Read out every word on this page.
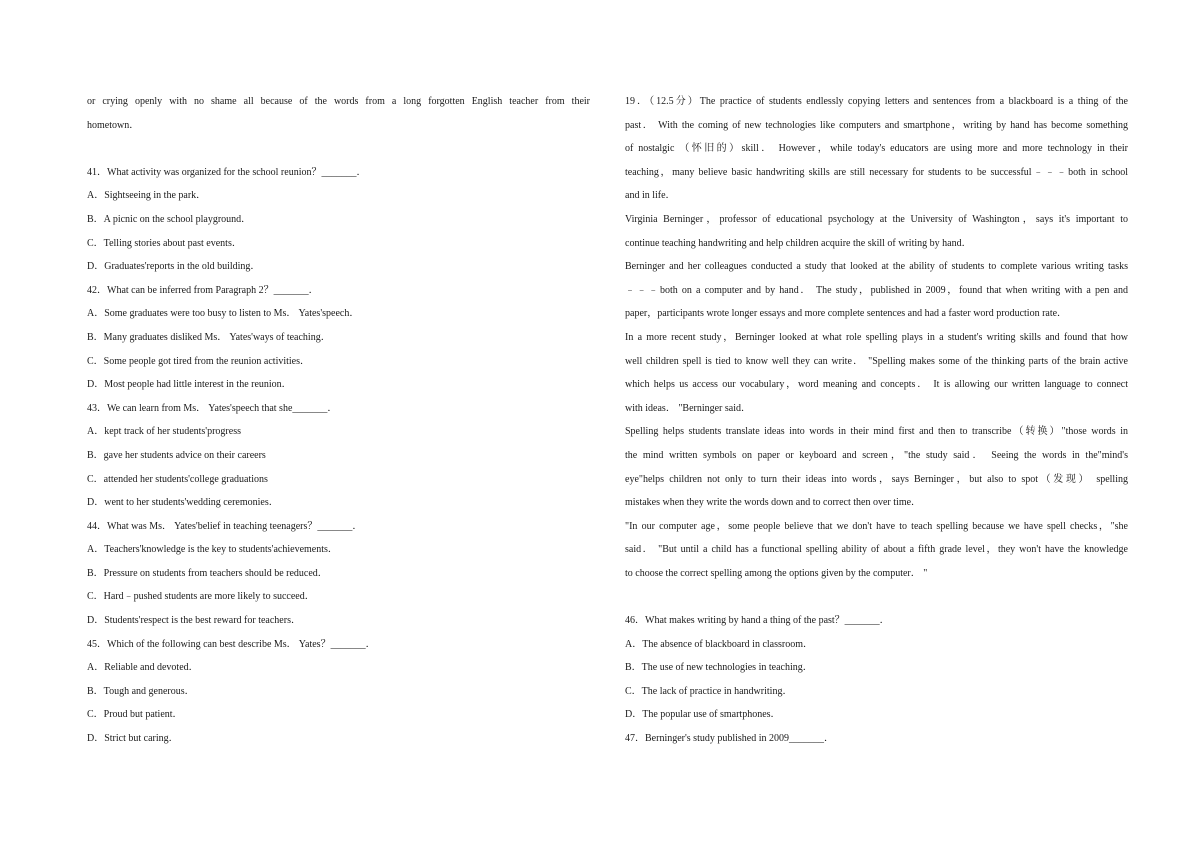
or crying openly with no shame all because of the words from a long forgotten English teacher from their
hometown．
41．What activity was organized for the school reunion？_______．
A．Sightseeing in the park．
B．A picnic on the school playground．
C．Telling stories about past events．
D．Graduates'reports in the old building．
42．What can be inferred from Paragraph 2？_______．
A．Some graduates were too busy to listen to Ms． Yates'speech．
B．Many graduates disliked Ms． Yates'ways of teaching．
C．Some people got tired from the reunion activities．
D．Most people had little interest in the reunion．
43．We can learn from Ms． Yates'speech that she_______．
A．kept track of her students'progress
B．gave her students advice on their careers
C．attended her students'college graduations
D．went to her students'wedding ceremonies．
44．What was Ms． Yates'belief in teaching teenagers？_______．
A．Teachers'knowledge is the key to students'achievements．
B．Pressure on students from teachers should be reduced．
C．Hard﹣pushed students are more likely to succeed．
D．Students'respect is the best reward for teachers．
45．Which of the following can best describe Ms． Yates？_______．
A．Reliable and devoted．
B．Tough and generous．
C．Proud but patient．
D．Strict but caring．
19．（12.5分）The practice of students endlessly copying letters and sentences from a blackboard is a thing of the
past． With the coming of new technologies like computers and smartphone，writing by hand has become something
of nostalgic （怀旧的）skill． However，while today's educators are using more and more technology in their
teaching，many believe basic handwriting skills are still necessary for students to be successful﹣﹣﹣both in school
and in life．
Virginia Berninger，professor of educational psychology at the University of Washington，says it's important to
continue teaching handwriting and help children acquire the skill of writing by hand．
Berninger and her colleagues conducted a study that looked at the ability of students to complete various writing tasks
﹣﹣﹣both on a computer and by hand． The study，published in 2009，found that when writing with a pen and
paper，participants wrote longer essays and more complete sentences and had a faster word production rate．
In a more recent study，Berninger looked at what role spelling plays in a student's writing skills and found that how
well children spell is tied to know well they can write． "Spelling makes some of the thinking parts of the brain active
which helps us access our vocabulary，word meaning and concepts． It is allowing our written language to connect
with ideas． "Berninger said．
Spelling helps students translate ideas into words in their mind first and then to transcribe（转换）"those words in
the mind written symbols on paper or keyboard and screen，"the study said． Seeing the words in the"mind's
eye"helps children not only to turn their ideas into words，says Berninger，but also to spot（发现） spelling
mistakes when they write the words down and to correct then over time．
"In our computer age，some people believe that we don't have to teach spelling because we have spell checks，"she
said． "But until a child has a functional spelling ability of about a fifth grade level，they won't have the knowledge
to choose the correct spelling among the options given by the computer． "
46．What makes writing by hand a thing of the past？_______．
A．The absence of blackboard in classroom．
B．The use of new technologies in teaching．
C．The lack of practice in handwriting．
D．The popular use of smartphones．
47．Berninger's study published in 2009_______．
